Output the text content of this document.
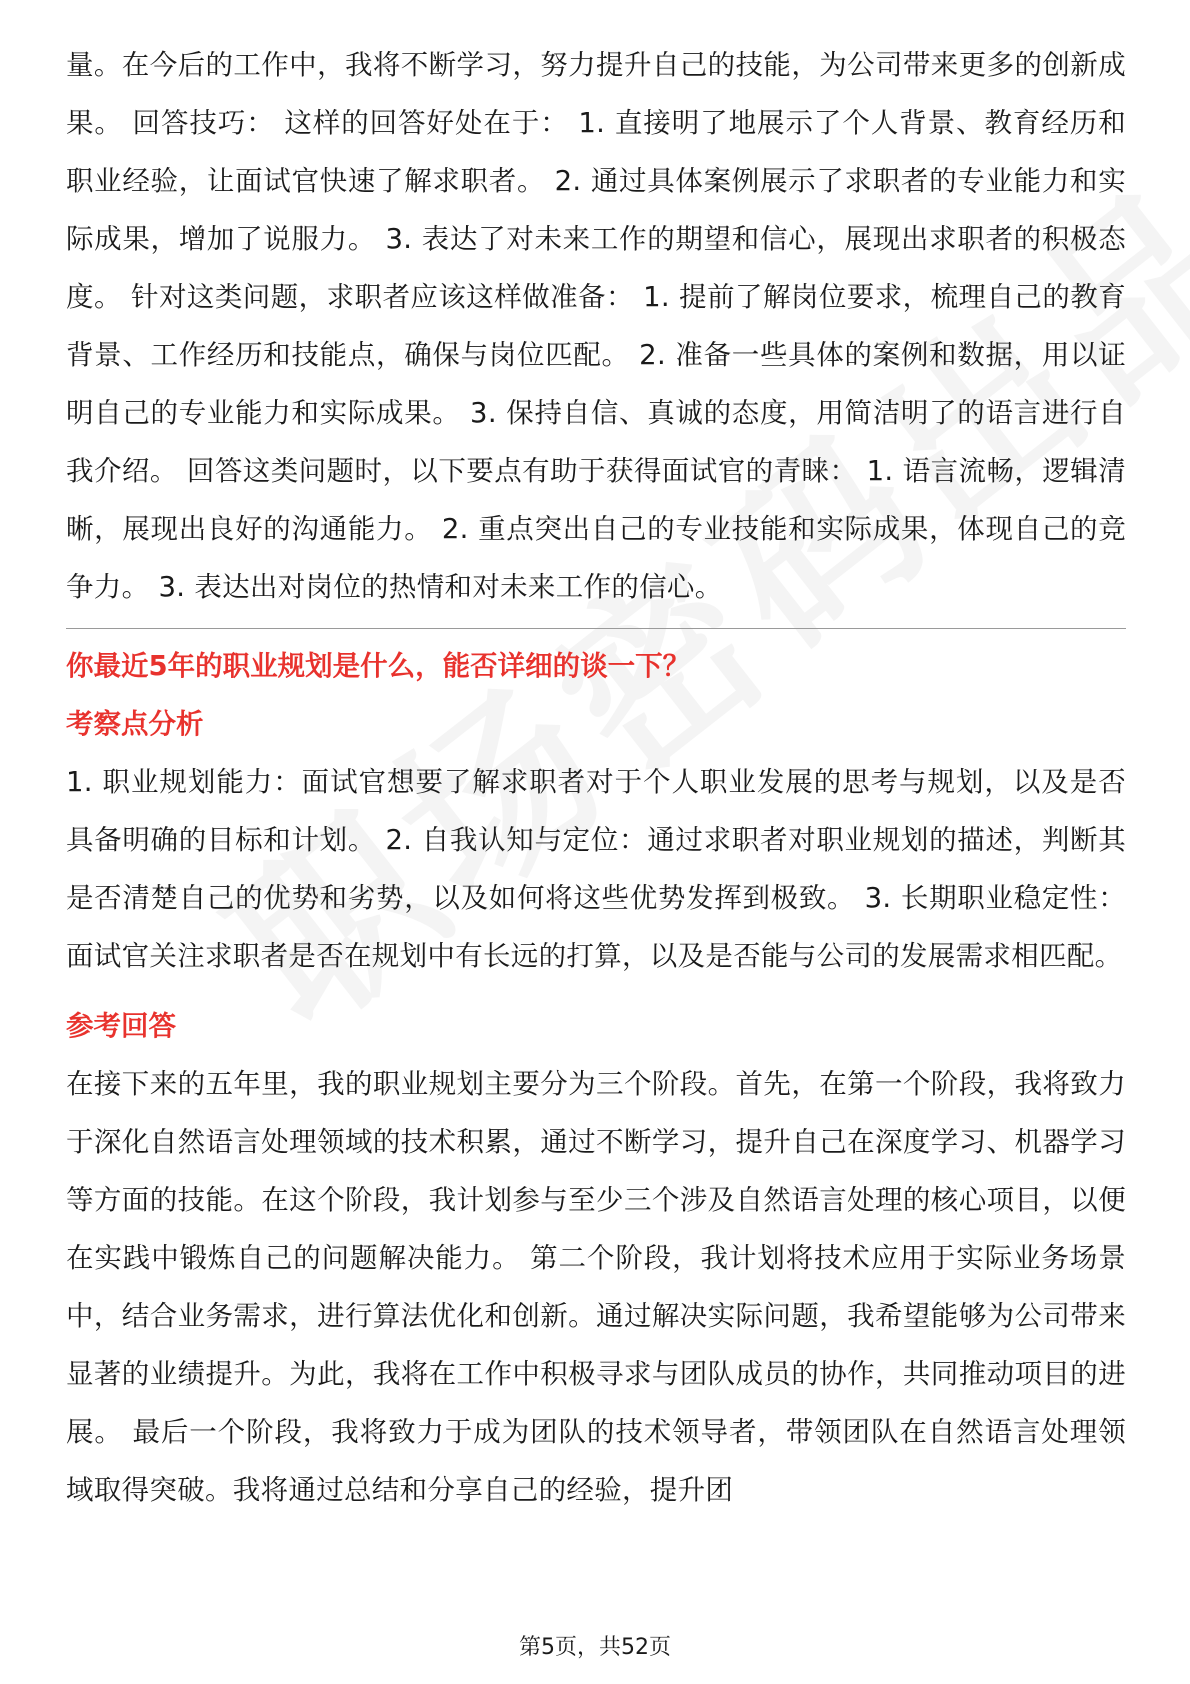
量。在今后的工作中，我将不断学习，努力提升自己的技能，为公司带来更多的创新成果。 回答技巧： 这样的回答好处在于： 1. 直接明了地展示了个人背景、教育经历和职业经验，让面试官快速了解求职者。 2. 通过具体案例展示了求职者的专业能力和实际成果，增加了说服力。 3. 表达了对未来工作的期望和信心，展现出求职者的积极态度。 针对这类问题，求职者应该这样做准备： 1. 提前了解岗位要求，梳理自己的教育背景、工作经历和技能点，确保与岗位匹配。 2. 准备一些具体的案例和数据，用以证明自己的专业能力和实际成果。 3. 保持自信、真诚的态度，用简洁明了的语言进行自我介绍。 回答这类问题时，以下要点有助于获得面试官的青睐： 1. 语言流畅，逻辑清晰，展现出良好的沟通能力。 2. 重点突出自己的专业技能和实际成果，体现自己的竞争力。 3. 表达出对岗位的热情和对未来工作的信心。

你最近5年的职业规划是什么，能否详细的谈一下？

考察点分析

1. 职业规划能力：面试官想要了解求职者对于个人职业发展的思考与规划，以及是否具备明确的目标和计划。 2. 自我认知与定位：通过求职者对职业规划的描述，判断其是否清楚自己的优势和劣势，以及如何将这些优势发挥到极致。 3. 长期职业稳定性：面试官关注求职者是否在规划中有长远的打算，以及是否能与公司的发展需求相匹配。

参考回答

在接下来的五年里，我的职业规划主要分为三个阶段。首先，在第一个阶段，我将致力于深化自然语言处理领域的技术积累，通过不断学习，提升自己在深度学习、机器学习等方面的技能。在这个阶段，我计划参与至少三个涉及自然语言处理的核心项目，以便在实践中锻炼自己的问题解决能力。 第二个阶段，我计划将技术应用于实际业务场景中，结合业务需求，进行算法优化和创新。通过解决实际问题，我希望能够为公司带来显著的业绩提升。为此，我将在工作中积极寻求与团队成员的协作，共同推动项目的进展。 最后一个阶段，我将致力于成为团队的技术领导者，带领团队在自然语言处理领域取得突破。我将通过总结和分享自己的经验，提升团

第5页，共52页
